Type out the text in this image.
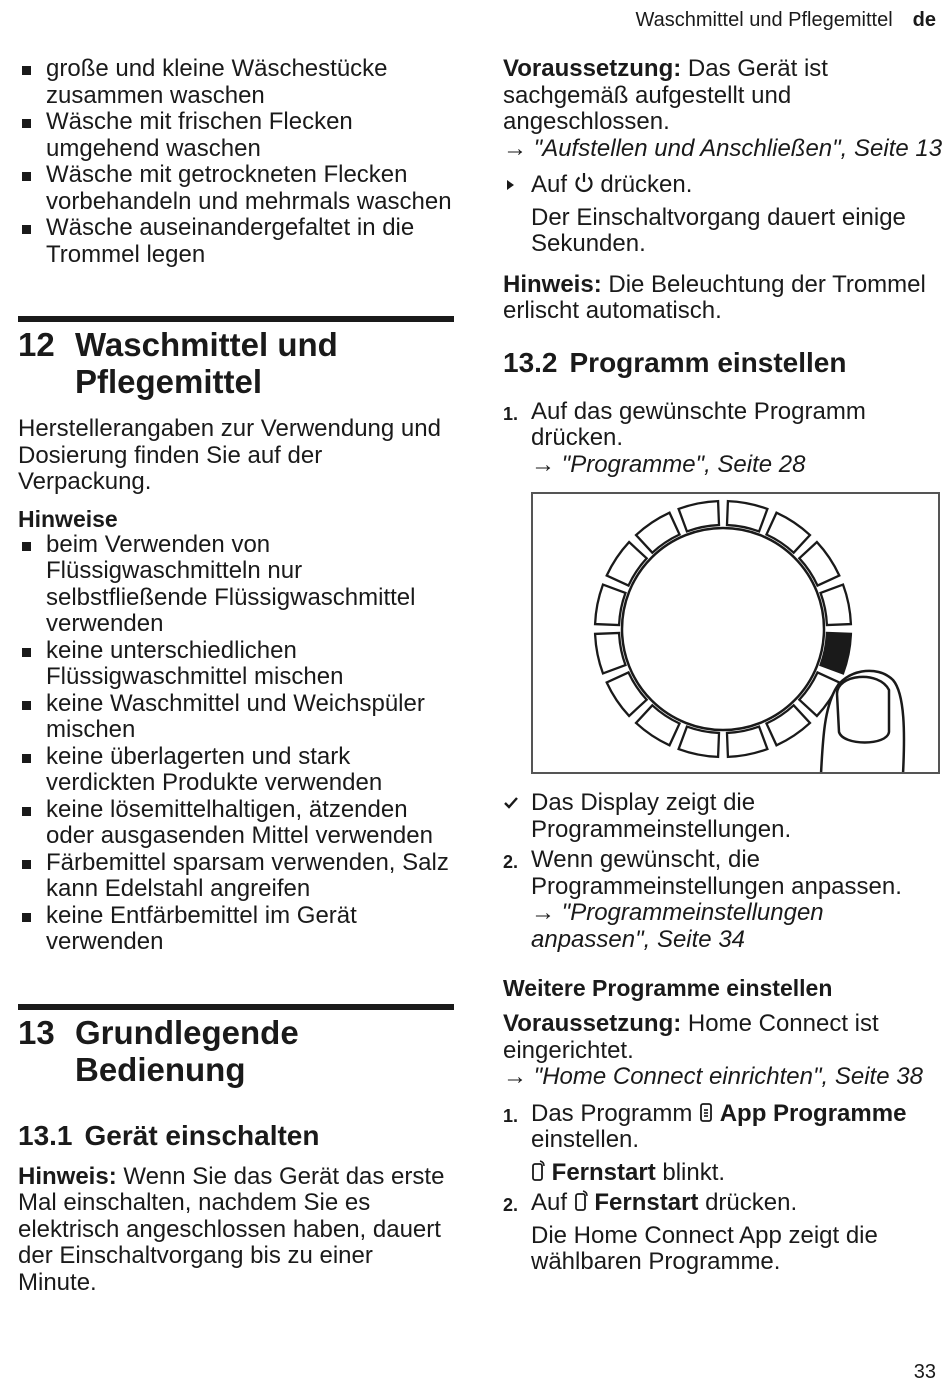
Waschmittel und Pflegemittel de
große und kleine Wäschestücke zusammen waschen
Wäsche mit frischen Flecken umgehend waschen
Wäsche mit getrockneten Flecken vorbehandeln und mehrmals waschen
Wäsche auseinandergefaltet in die Trommel legen
12 Waschmittel und Pflegemittel

Herstellerangaben zur Verwendung und Dosierung finden Sie auf der Verpackung.

Hinweise
beim Verwenden von Flüssigwaschmitteln nur selbstfließende Flüssigwaschmittel verwenden
keine unterschiedlichen Flüssigwaschmittel mischen
keine Waschmittel und Weichspüler mischen
keine überlagerten und stark verdickten Produkte verwenden
keine lösemittelhaltigen, ätzenden oder ausgasenden Mittel verwenden
Färbemittel sparsam verwenden, Salz kann Edelstahl angreifen
keine Entfärbemittel im Gerät verwenden
13 Grundlegende Bedienung
13.1 Gerät einschalten

Hinweis: Wenn Sie das Gerät das erste Mal einschalten, nachdem Sie es elektrisch angeschlossen haben, dauert der Einschaltvorgang bis zu einer Minute.

Voraussetzung: Das Gerät ist sachgemäß aufgestellt und angeschlossen.

→ "Aufstellen und Anschließen", Seite 13

Auf  drücken.

Der Einschaltvorgang dauert einige Sekunden.

Hinweis: Die Beleuchtung der Trommel erlischt automatisch.

13.2 Programm einstellen
1. Auf das gewünschte Programm drücken.

→ "Programme", Seite 28

Das Display zeigt die Programmeinstellungen.

2. Wenn gewünscht, die Programmeinstellungen anpassen.

→ "Programmeinstellungen anpassen", Seite 34

Weitere Programme einstellen

Voraussetzung: Home Connect ist eingerichtet.

→ "Home Connect einrichten", Seite 38

1. Das Programm  App Programme einstellen.

Fernstart blinkt.

2. Auf  Fernstart drücken.

Die Home Connect App zeigt die wählbaren Programme.

33
